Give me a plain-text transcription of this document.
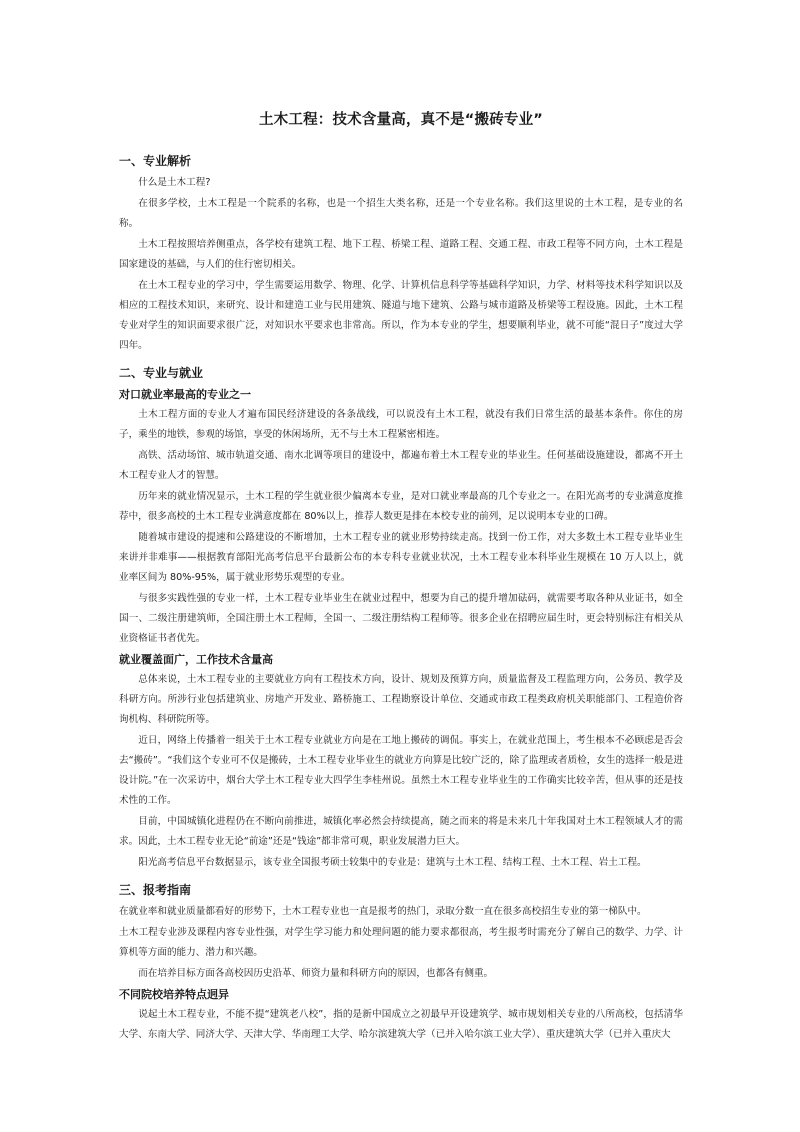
土木工程：技术含量高，真不是“搬砖专业”
一、专业解析
什么是土木工程?
在很多学校，土木工程是一个院系的名称，也是一个招生大类名称，还是一个专业名称。我们这里说的土木工程，是专业的名称。
土木工程按照培养侧重点，各学校有建筑工程、地下工程、桥梁工程、道路工程、交通工程、市政工程等不同方向，土木工程是国家建设的基础，与人们的住行密切相关。
在土木工程专业的学习中，学生需要运用数学、物理、化学、计算机信息科学等基础科学知识，力学、材料等技术科学知识以及相应的工程技术知识，来研究、设计和建造工业与民用建筑、隧道与地下建筑、公路与城市道路及桥梁等工程设施。因此，土木工程专业对学生的知识面要求很广泛，对知识水平要求也非常高。所以，作为本专业的学生，想要顺利毕业，就不可能“混日子”度过大学四年。
二、专业与就业
对口就业率最高的专业之一
土木工程方面的专业人才遍布国民经济建设的各条战线，可以说没有土木工程，就没有我们日常生活的最基本条件。你住的房子，乘坐的地铁，参观的场馆，享受的休闲场所，无不与土木工程紧密相连。
高铁、活动场馆、城市轨道交通、南水北调等项目的建设中，都遍布着土木工程专业的毕业生。任何基础设施建设，都离不开土木工程专业人才的智慧。
历年来的就业情况显示，土木工程的学生就业很少偏离本专业，是对口就业率最高的几个专业之一。在阳光高考的专业满意度推荐中，很多高校的土木工程专业满意度都在 80%以上，推荐人数更是排在本校专业的前列，足以说明本专业的口碑。
随着城市建设的提速和公路建设的不断增加，土木工程专业的就业形势持续走高。找到一份工作，对大多数土木工程专业毕业生来讲并非难事——根据教育部阳光高考信息平台最新公布的本专科专业就业状况，土木工程专业本科毕业生规模在 10 万人以上，就业率区间为 80%-95%，属于就业形势乐观型的专业。
与很多实践性强的专业一样，土木工程专业毕业生在就业过程中，想要为自己的提升增加砝码，就需要考取各种从业证书，如全国一、二级注册建筑师，全国注册土木工程师，全国一、二级注册结构工程师等。很多企业在招聘应届生时，更会特别标注有相关从业资格证书者优先。
就业覆盖面广，工作技术含量高
总体来说，土木工程专业的主要就业方向有工程技术方向，设计、规划及预算方向，质量监督及工程监理方向，公务员、教学及科研方向。所涉行业包括建筑业、房地产开发业、路桥施工、工程勘察设计单位、交通或市政工程类政府机关职能部门、工程造价咨询机构、科研院所等。
近日，网络上传播着一组关于土木工程专业就业方向是在工地上搬砖的调侃。事实上，在就业范围上，考生根本不必顾虑是否会去“搬砖”。“我们这个专业可不仅是搬砖，土木工程专业毕业生的就业方向算是比较广泛的，除了监理或者质检，女生的选择一般是进设计院。”在一次采访中，烟台大学土木工程专业大四学生李桂州说。虽然土木工程专业毕业生的工作确实比较辛苦，但从事的还是技术性的工作。
目前，中国城镇化进程仍在不断向前推进，城镇化率必然会持续提高，随之而来的将是未来几十年我国对土木工程领域人才的需求。因此，土木工程专业无论“前途”还是“钱途”都非常可观，职业发展潜力巨大。
阳光高考信息平台数据显示，该专业全国报考硕士较集中的专业是：建筑与土木工程、结构工程、土木工程、岩土工程。
三、报考指南
在就业率和就业质量都看好的形势下，土木工程专业也一直是报考的热门，录取分数一直在很多高校招生专业的第一梯队中。
土木工程专业涉及课程内容专业性强，对学生学习能力和处理问题的能力要求都很高，考生报考时需充分了解自己的数学、力学、计算机等方面的能力、潜力和兴趣。
而在培养目标方面各高校因历史沿革、师资力量和科研方向的原因，也都各有侧重。
不同院校培养特点迥异
说起土木工程专业，不能不提“建筑老八校”，指的是新中国成立之初最早开设建筑学、城市规划相关专业的八所高校，包括清华大学、东南大学、同济大学、天津大学、华南理工大学、哈尔滨建筑大学（已并入哈尔滨工业大学）、重庆建筑大学（已并入重庆大
